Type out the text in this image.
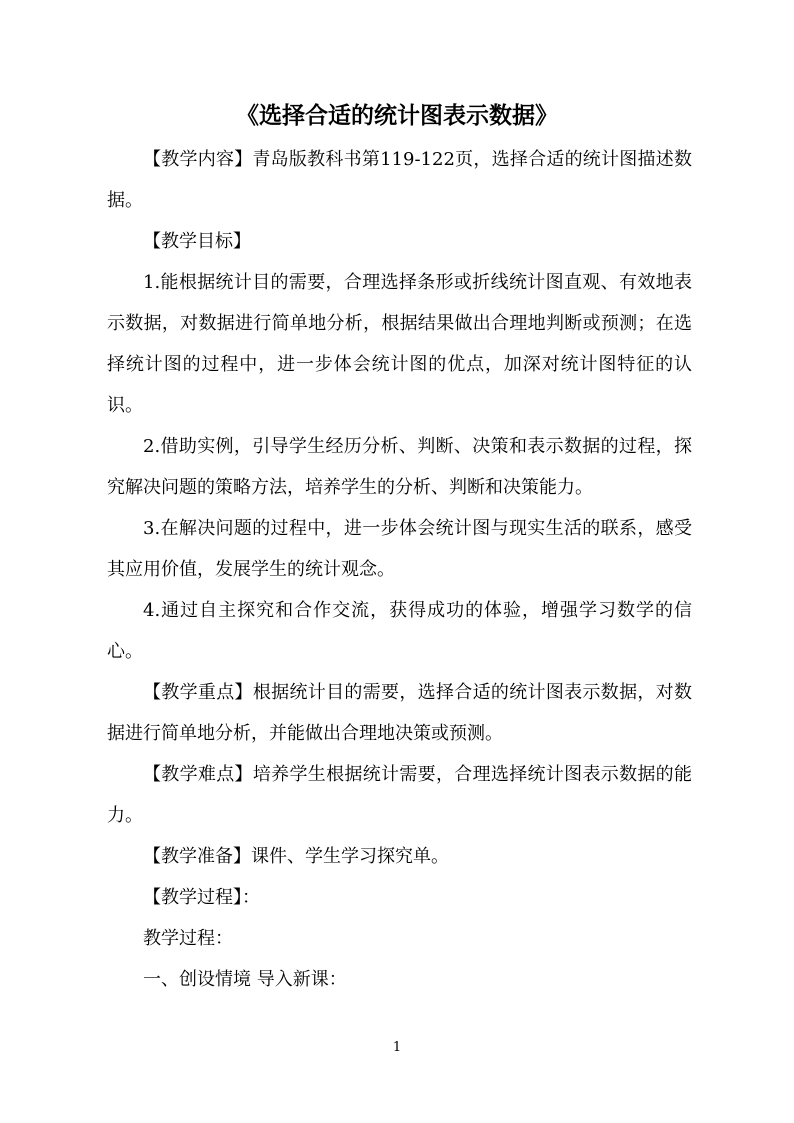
《选择合适的统计图表示数据》

【教学内容】青岛版教科书第119-122页，选择合适的统计图描述数据。

【教学目标】

1.能根据统计目的需要，合理选择条形或折线统计图直观、有效地表示数据，对数据进行简单地分析，根据结果做出合理地判断或预测；在选择统计图的过程中，进一步体会统计图的优点，加深对统计图特征的认识。

2.借助实例，引导学生经历分析、判断、决策和表示数据的过程，探究解决问题的策略方法，培养学生的分析、判断和决策能力。

3.在解决问题的过程中，进一步体会统计图与现实生活的联系，感受其应用价值，发展学生的统计观念。

4.通过自主探究和合作交流，获得成功的体验，增强学习数学的信心。

【教学重点】根据统计目的需要，选择合适的统计图表示数据，对数据进行简单地分析，并能做出合理地决策或预测。

【教学难点】培养学生根据统计需要，合理选择统计图表示数据的能力。

【教学准备】课件、学生学习探究单。

【教学过程】：

教学过程：

一、创设情境 导入新课：

1
